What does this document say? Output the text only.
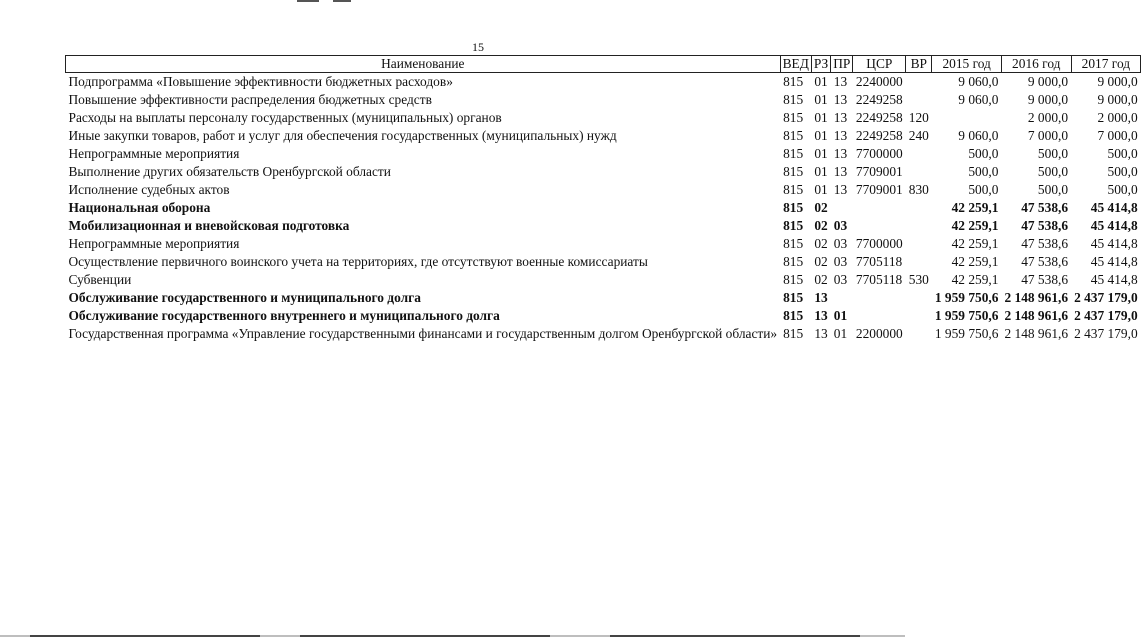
15
Наименование	ВЕД	РЗ	ПР	ЦСР	ВР	2015 год	2016 год	2017 год
Подпрограмма «Повышение эффективности бюджетных расходов»	815	01	13	2240000		9 060,0	9 000,0	9 000,0
Повышение эффективности распределения бюджетных средств	815	01	13	2249258		9 060,0	9 000,0	9 000,0
Расходы на выплаты персоналу государственных (муниципальных) органов	815	01	13	2249258	120		2 000,0	2 000,0
Иные закупки товаров, работ и услуг для обеспечения государственных (муниципальных) нужд	815	01	13	2249258	240	9 060,0	7 000,0	7 000,0
Непрограммные мероприятия	815	01	13	7700000		500,0	500,0	500,0
Выполнение других обязательств Оренбургской области	815	01	13	7709001		500,0	500,0	500,0
Исполнение судебных актов	815	01	13	7709001	830	500,0	500,0	500,0
Национальная оборона	815	02				42 259,1	47 538,6	45 414,8
Мобилизационная и вневойсковая подготовка	815	02	03			42 259,1	47 538,6	45 414,8
Непрограммные мероприятия	815	02	03	7700000		42 259,1	47 538,6	45 414,8
Осуществление первичного воинского учета на территориях, где отсутствуют военные комиссариаты	815	02	03	7705118		42 259,1	47 538,6	45 414,8
Субвенции	815	02	03	7705118	530	42 259,1	47 538,6	45 414,8
Обслуживание государственного и муниципального долга	815	13				1 959 750,6	2 148 961,6	2 437 179,0
Обслуживание государственного внутреннего и муниципального долга	815	13	01			1 959 750,6	2 148 961,6	2 437 179,0
Государственная программа «Управление государственными финансами и государственным долгом Оренбургской области»	815	13	01	2200000		1 959 750,6	2 148 961,6	2 437 179,0
